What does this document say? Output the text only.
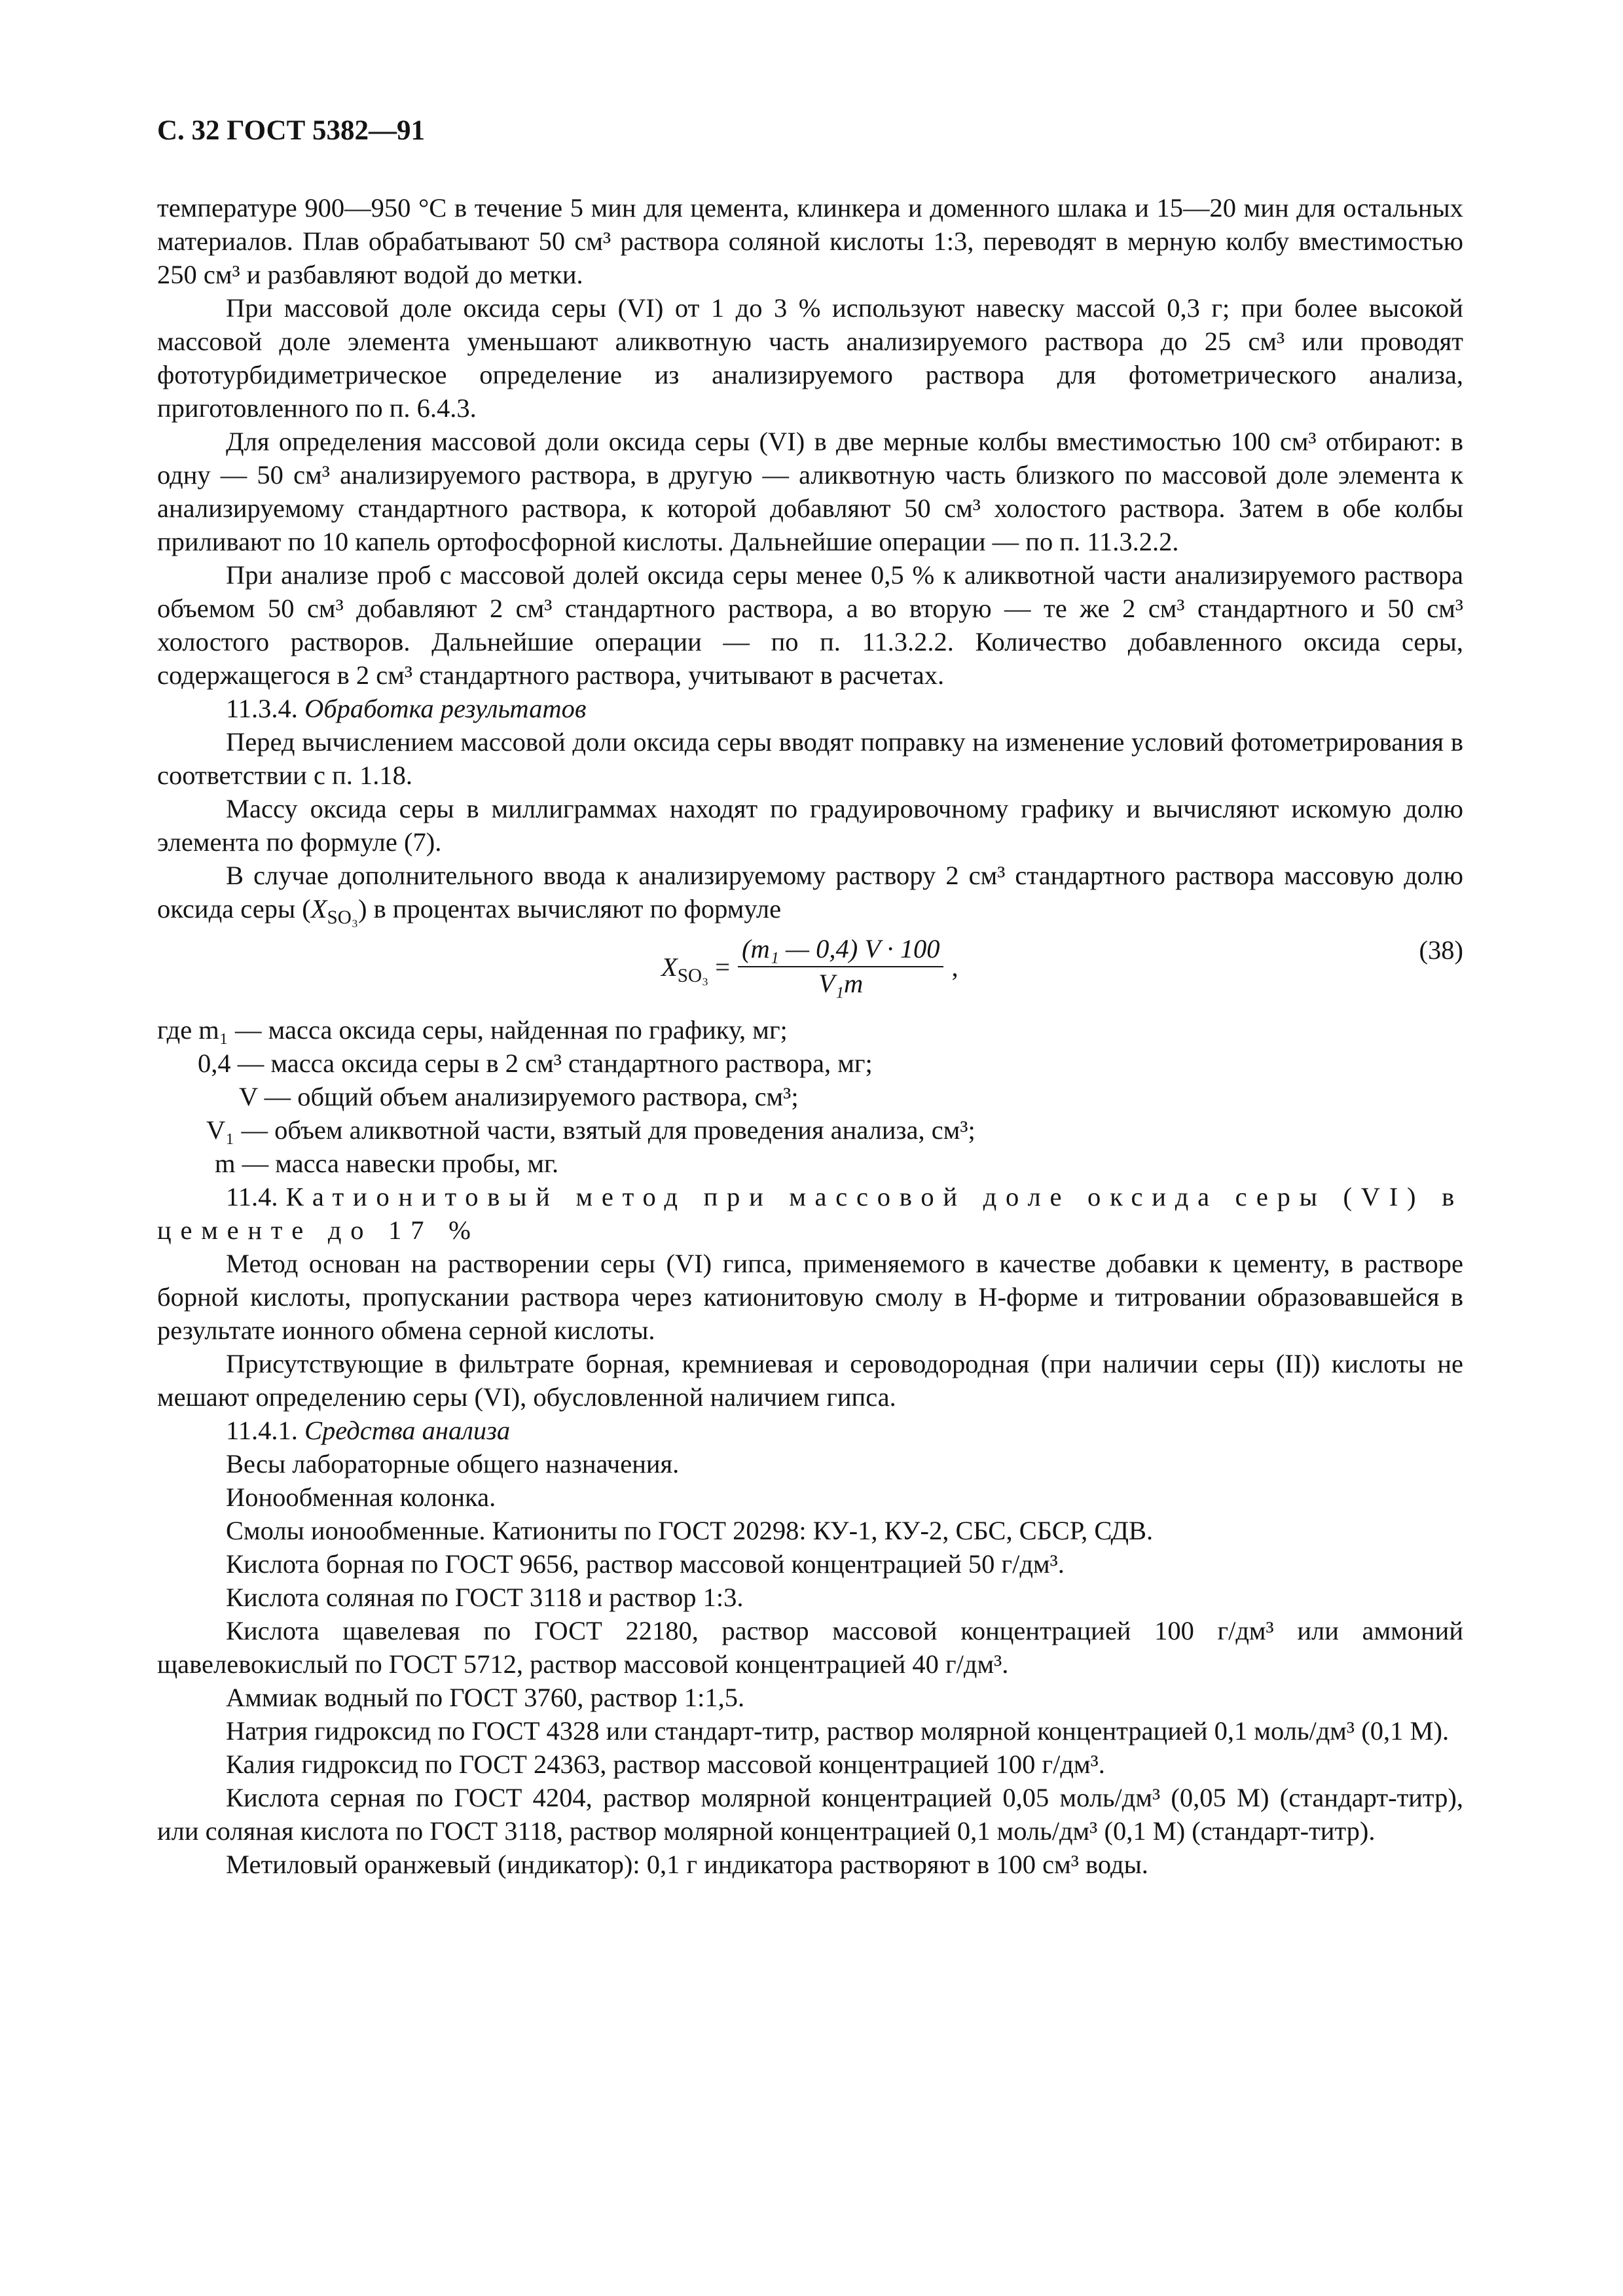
С. 32 ГОСТ 5382—91

температуре 900—950 °С в течение 5 мин для цемента, клинкера и доменного шлака и 15—20 мин для остальных материалов. Плав обрабатывают 50 см³ раствора соляной кислоты 1:3, переводят в мерную колбу вместимостью 250 см³ и разбавляют водой до метки.

При массовой доле оксида серы (VI) от 1 до 3 % используют навеску массой 0,3 г; при более высокой массовой доле элемента уменьшают аликвотную часть анализируемого раствора до 25 см³ или проводят фототурбидиметрическое определение из анализируемого раствора для фотометрического анализа, приготовленного по п. 6.4.3.

Для определения массовой доли оксида серы (VI) в две мерные колбы вместимостью 100 см³ отбирают: в одну — 50 см³ анализируемого раствора, в другую — аликвотную часть близкого по массовой доле элемента к анализируемому стандартного раствора, к которой добавляют 50 см³ холостого раствора. Затем в обе колбы приливают по 10 капель ортофосфорной кислоты. Дальнейшие операции — по п. 11.3.2.2.

При анализе проб с массовой долей оксида серы менее 0,5 % к аликвотной части анализируемого раствора объемом 50 см³ добавляют 2 см³ стандартного раствора, а во вторую — те же 2 см³ стандартного и 50 см³ холостого растворов. Дальнейшие операции — по п. 11.3.2.2. Количество добавленного оксида серы, содержащегося в 2 см³ стандартного раствора, учитывают в расчетах.

11.3.4. Обработка результатов

Перед вычислением массовой доли оксида серы вводят поправку на изменение условий фотометрирования в соответствии с п. 1.18.

Массу оксида серы в миллиграммах находят по градуировочному графику и вычисляют искомую долю элемента по формуле (7).

В случае дополнительного ввода к анализируемому раствору 2 см³ стандартного раствора массовую долю оксида серы $(X_{SO_3})$ в процентах вычисляют по формуле

$X_{SO_3} = \frac{\text{(m₁ — 0,4) V · 100}}{\text{V₁m}}$ ,
(38)
где m₁ — масса оксида серы, найденная по графику, мг;
0,4 — масса оксида серы в 2 см³ стандартного раствора, мг;
V — общий объем анализируемого раствора, см³;
V₁ — объем аликвотной части, взятый для проведения анализа, см³;
m — масса навески пробы, мг.

11.4. Катионитовый метод при массовой доле оксида серы (VI) в цементе до 17 %

Метод основан на растворении серы (VI) гипса, применяемого в качестве добавки к цементу, в растворе борной кислоты, пропускании раствора через катионитовую смолу в Н-форме и титровании образовавшейся в результате ионного обмена серной кислоты.

Присутствующие в фильтрате борная, кремниевая и сероводородная (при наличии серы (II)) кислоты не мешают определению серы (VI), обусловленной наличием гипса.

11.4.1. Средства анализа

Весы лабораторные общего назначения.

Ионообменная колонка.

Смолы ионообменные. Катиониты по ГОСТ 20298: КУ-1, КУ-2, СБС, СБСР, СДВ.

Кислота борная по ГОСТ 9656, раствор массовой концентрацией 50 г/дм³.

Кислота соляная по ГОСТ 3118 и раствор 1:3.

Кислота щавелевая по ГОСТ 22180, раствор массовой концентрацией 100 г/дм³ или аммоний щавелевокислый по ГОСТ 5712, раствор массовой концентрацией 40 г/дм³.

Аммиак водный по ГОСТ 3760, раствор 1:1,5.

Натрия гидроксид по ГОСТ 4328 или стандарт-титр, раствор молярной концентрацией 0,1 моль/дм³ (0,1 М).

Калия гидроксид по ГОСТ 24363, раствор массовой концентрацией 100 г/дм³.

Кислота серная по ГОСТ 4204, раствор молярной концентрацией 0,05 моль/дм³ (0,05 М) (стандарт-титр), или соляная кислота по ГОСТ 3118, раствор молярной концентрацией 0,1 моль/дм³ (0,1 М) (стандарт-титр).

Метиловый оранжевый (индикатор): 0,1 г индикатора растворяют в 100 см³ воды.
